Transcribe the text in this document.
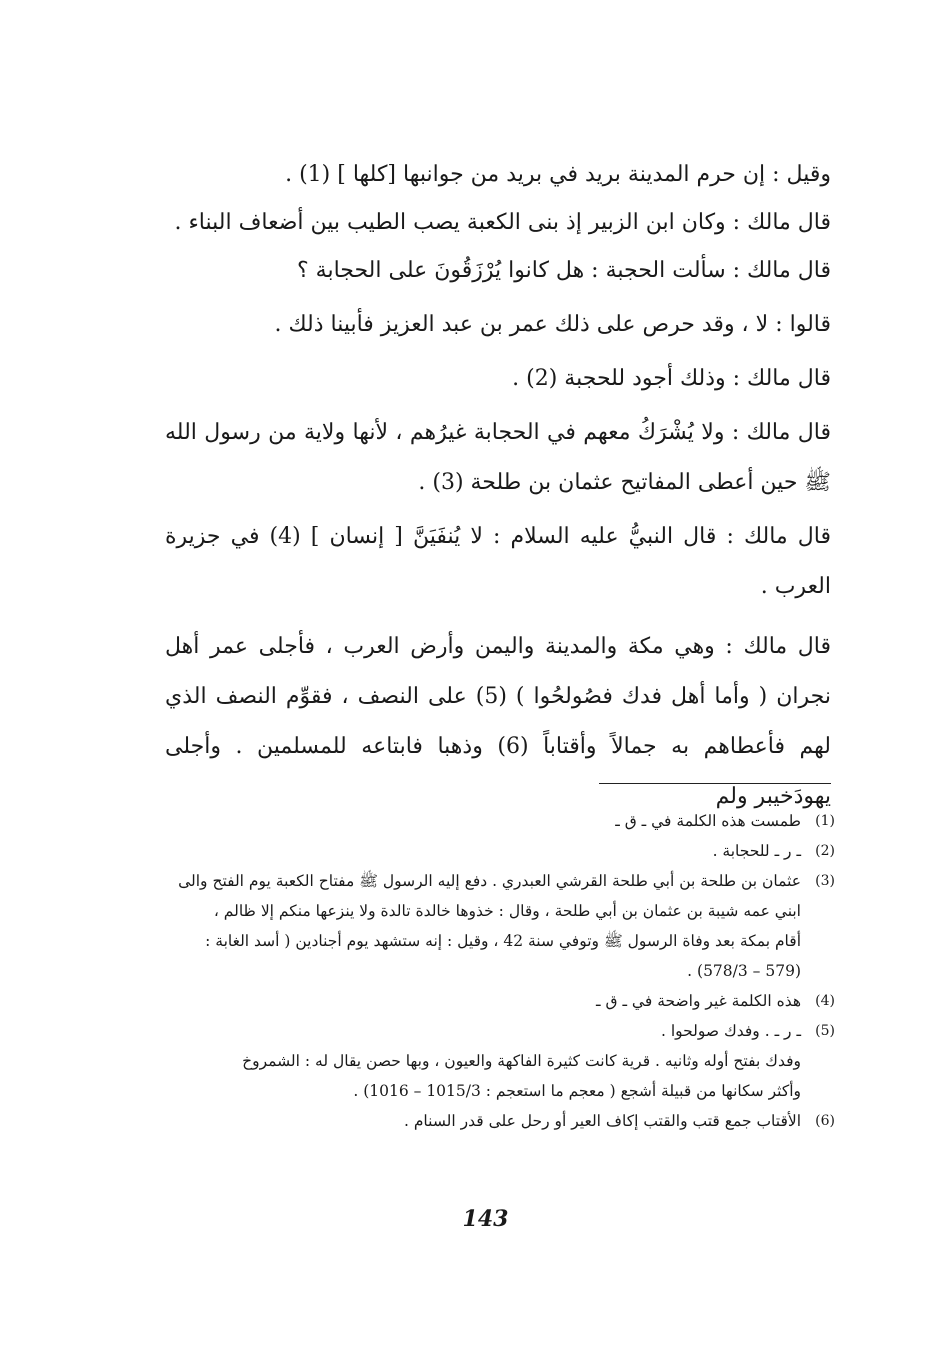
وقيل : إن حرم المدينة بريد في بريد من جوانبها [كلها ] (1) .

قال مالك : وكان ابن الزبير إذ بنى الكعبة يصب الطيب بين أضعاف البناء .

قال مالك : سألت الحجبة : هل كانوا يُرْزَقُونَ على الحجابة ؟

قالوا : لا ، وقد حرص على ذلك عمر بن عبد العزيز فأبينا ذلك .

قال مالك : وذلك أجود للحجبة (2) .

قال مالك : ولا يُشْرَكُ معهم في الحجابة غيرُهم ، لأنها ولاية من رسول الله ﷺ حين أعطى المفاتيح عثمان بن طلحة (3) .

قال مالك : قال النبيُّ عليه السلام : لا يُنفَيَنَّ [ إنسان ] (4) في جزيرة العرب .

قال مالك : وهي مكة والمدينة واليمن وأرض العرب ، فأجلى عمر أهل نجران ( وأما أهل فدك فصُولحُوا ) (5) على النصف ، فقوِّم النصف الذي لهم فأعطاهم به جمالاً وأقتاباً (6) وذهبا فابتاعه للمسلمين . وأجلى يهودَخيبر ولم

(1)
طمست هذه الكلمة في ـ ق ـ
(2)
ـ ر ـ للحجابة .
(3)
عثمان بن طلحة بن أبي طلحة القرشي العبدري . دفع إليه الرسول ﷺ مفتاح الكعبة يوم الفتح والى
ابني عمه شيبة بن عثمان بن أبي طلحة ، وقال : خذوها خالدة تالدة ولا ينزعها منكم إلا ظالم ،
أقام بمكة بعد وفاة الرسول ﷺ وتوفي سنة 42 ، وقيل : إنه ستشهد يوم أجنادين ( أسد الغابة :
(579 – 578/3) .
(4)
هذه الكلمة غير واضحة في ـ ق ـ
(5)
ـ ر ـ . وفدك صولحوا .
وفدك بفتح أوله وثانيه . قرية كانت كثيرة الفاكهة والعيون ، وبها حصن يقال له : الشمروخ
وأكثر سكانها من قبيلة أشجع ( معجم ما استعجم : 1015/3 – 1016) .
(6)
الأقتاب جمع قتب والقتب إكاف العير أو رحل على قدر السنام .
143
